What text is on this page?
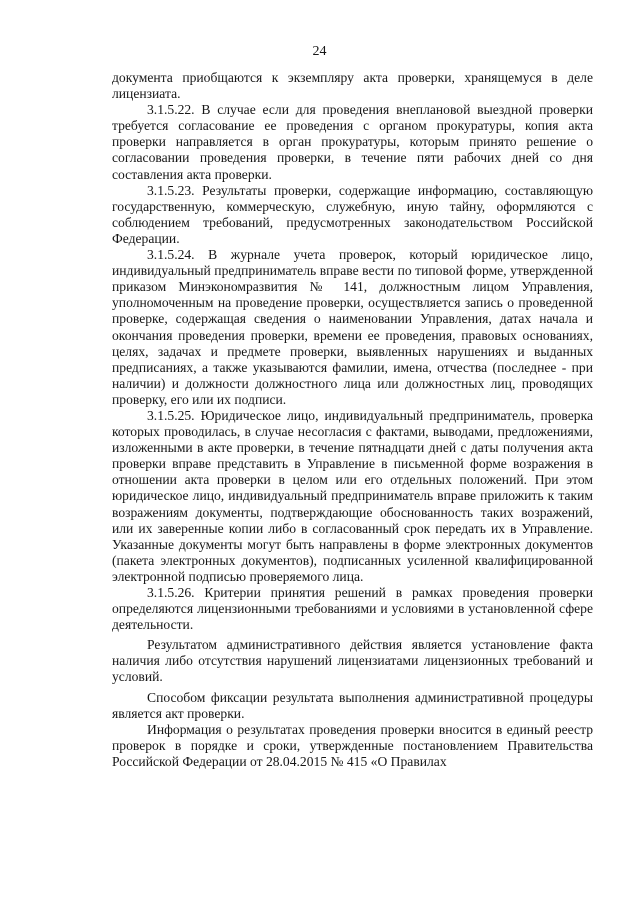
24

документа приобщаются к экземпляру акта проверки, хранящемуся в деле лицензиата.

3.1.5.22. В случае если для проведения внеплановой выездной проверки требуется согласование ее проведения с органом прокуратуры, копия акта проверки направляется в орган прокуратуры, которым принято решение о согласовании проведения проверки, в течение пяти рабочих дней со дня составления акта проверки.

3.1.5.23. Результаты проверки, содержащие информацию, составляющую государственную, коммерческую, служебную, иную тайну, оформляются с соблюдением требований, предусмотренных законодательством Российской Федерации.

3.1.5.24. В журнале учета проверок, который юридическое лицо, индивидуальный предприниматель вправе вести по типовой форме, утвержденной приказом Минэкономразвития № 141, должностным лицом Управления, уполномоченным на проведение проверки, осуществляется запись о проведенной проверке, содержащая сведения о наименовании Управления, датах начала и окончания проведения проверки, времени ее проведения, правовых основаниях, целях, задачах и предмете проверки, выявленных нарушениях и выданных предписаниях, а также указываются фамилии, имена, отчества (последнее - при наличии) и должности должностного лица или должностных лиц, проводящих проверку, его или их подписи.

3.1.5.25. Юридическое лицо, индивидуальный предприниматель, проверка которых проводилась, в случае несогласия с фактами, выводами, предложениями, изложенными в акте проверки, в течение пятнадцати дней с даты получения акта проверки вправе представить в Управление в письменной форме возражения в отношении акта проверки в целом или его отдельных положений. При этом юридическое лицо, индивидуальный предприниматель вправе приложить к таким возражениям документы, подтверждающие обоснованность таких возражений, или их заверенные копии либо в согласованный срок передать их в Управление. Указанные документы могут быть направлены в форме электронных документов (пакета электронных документов), подписанных усиленной квалифицированной электронной подписью проверяемого лица.

3.1.5.26. Критерии принятия решений в рамках проведения проверки определяются лицензионными требованиями и условиями в установленной сфере деятельности.

Результатом административного действия является установление факта наличия либо отсутствия нарушений лицензиатами лицензионных требований и условий.

Способом фиксации результата выполнения административной процедуры является акт проверки.

Информация о результатах проведения проверки вносится в единый реестр проверок в порядке и сроки, утвержденные постановлением Правительства Российской Федерации от 28.04.2015 № 415 «О Правилах
